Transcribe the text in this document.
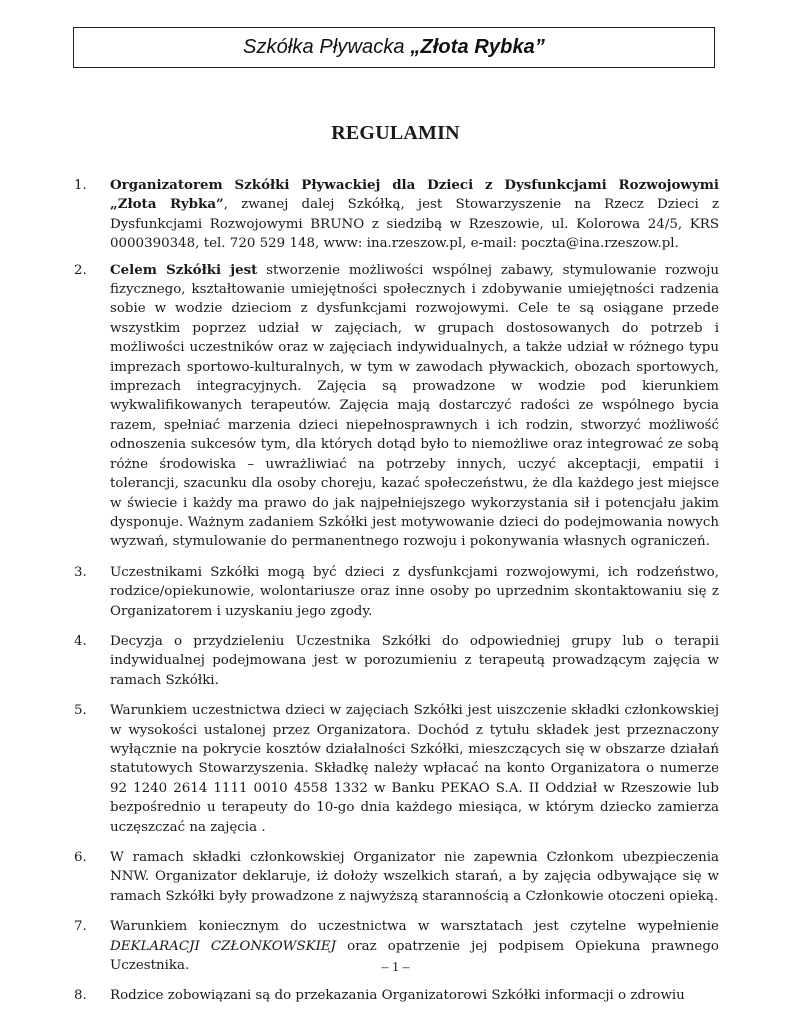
Szkółka Pływacka „Złota Rybka”
REGULAMIN
1. Organizatorem Szkółki Pływackiej dla Dzieci z Dysfunkcjami Rozwojowymi „Złota Rybka”, zwanej dalej Szkółką, jest Stowarzyszenie na Rzecz Dzieci z Dysfunkcjami Rozwojowymi BRUNO z siedzibą w Rzeszowie, ul. Kolorowa 24/5, KRS 0000390348, tel. 720 529 148, www: ina.rzeszow.pl, e-mail: poczta@ina.rzeszow.pl.
2. Celem Szkółki jest stworzenie możliwości wspólnej zabawy, stymulowanie rozwoju fizycznego, kształtowanie umiejętności społecznych i zdobywanie umiejętności radzenia sobie w wodzie dzieciom z dysfunkcjami rozwojowymi. Cele te są osiągane przede wszystkim poprzez udział w zajęciach, w grupach dostosowanych do potrzeb i możliwości uczestników oraz w zajęciach indywidualnych, a także udział w różnego typu imprezach sportowo-kulturalnych, w tym w zawodach pływackich, obozach sportowych, imprezach integracyjnych. Zajęcia są prowadzone w wodzie pod kierunkiem wykwalifikowanych terapeutów. Zajęcia mają dostarczyć radości ze wspólnego bycia razem, spełniać marzenia dzieci niepełnosprawnych i ich rodzin, stworzyć możliwość odnoszenia sukcesów tym, dla których dotąd było to niemożliwe oraz integrować ze sobą różne środowiska – uwrażliwiać na potrzeby innych, uczyć akceptacji, empatii i tolerancji, szacunku dla osoby choreju, kazać społeczeństwu, że dla każdego jest miejsce w świecie i każdy ma prawo do jak najpełniejszego wykorzystania sił i potencjału jakim dysponuje. Ważnym zadaniem Szkółki jest motywowanie dzieci do podejmowania nowych wyzwań, stymulowanie do permanentnego rozwoju i pokonywania własnych ograniczeń.
3. Uczestnikami Szkółki mogą być dzieci z dysfunkcjami rozwojowymi, ich rodzeństwo, rodzice/opiekunowie, wolontariusze oraz inne osoby po uprzednim skontaktowaniu się z Organizatorem i uzyskaniu jego zgody.
4. Decyzja o przydzieleniu Uczestnika Szkółki do odpowiedniej grupy lub o terapii indywidualnej podejmowana jest w porozumieniu z terapeutą prowadzącym zajęcia w ramach Szkółki.
5. Warunkiem uczestnictwa dzieci w zajęciach Szkółki jest uiszczenie składki członkowskiej w wysokości ustalonej przez Organizatora. Dochód z tytułu składek jest przeznaczony wyłącznie na pokrycie kosztów działalności Szkółki, mieszczących się w obszarze działań statutowych Stowarzyszenia. Składkę należy wpłacać na konto Organizatora o numerze 92 1240 2614 1111 0010 4558 1332 w Banku PEKAO S.A. II Oddział w Rzeszowie lub bezpośrednio u terapeuty do 10-go dnia każdego miesiąca, w którym dziecko zamierza uczęszczać na zajęcia .
6. W ramach składki członkowskiej Organizator nie zapewnia Członkom ubezpieczenia NNW. Organizator deklaruje, iż dołoży wszelkich starań, a by zajęcia odbywające się w ramach Szkółki były prowadzone z najwyższą starannością a Członkowie otoczeni opieką.
7. Warunkiem koniecznym do uczestnictwa w warsztatach jest czytelne wypełnienie DEKLARACJI CZŁONKOWSKIEJ oraz opatrzenie jej podpisem Opiekuna prawnego Uczestnika.
8. Rodzice zobowiązani są do przekazania Organizatorowi Szkółki informacji o zdrowiu
– 1 –
